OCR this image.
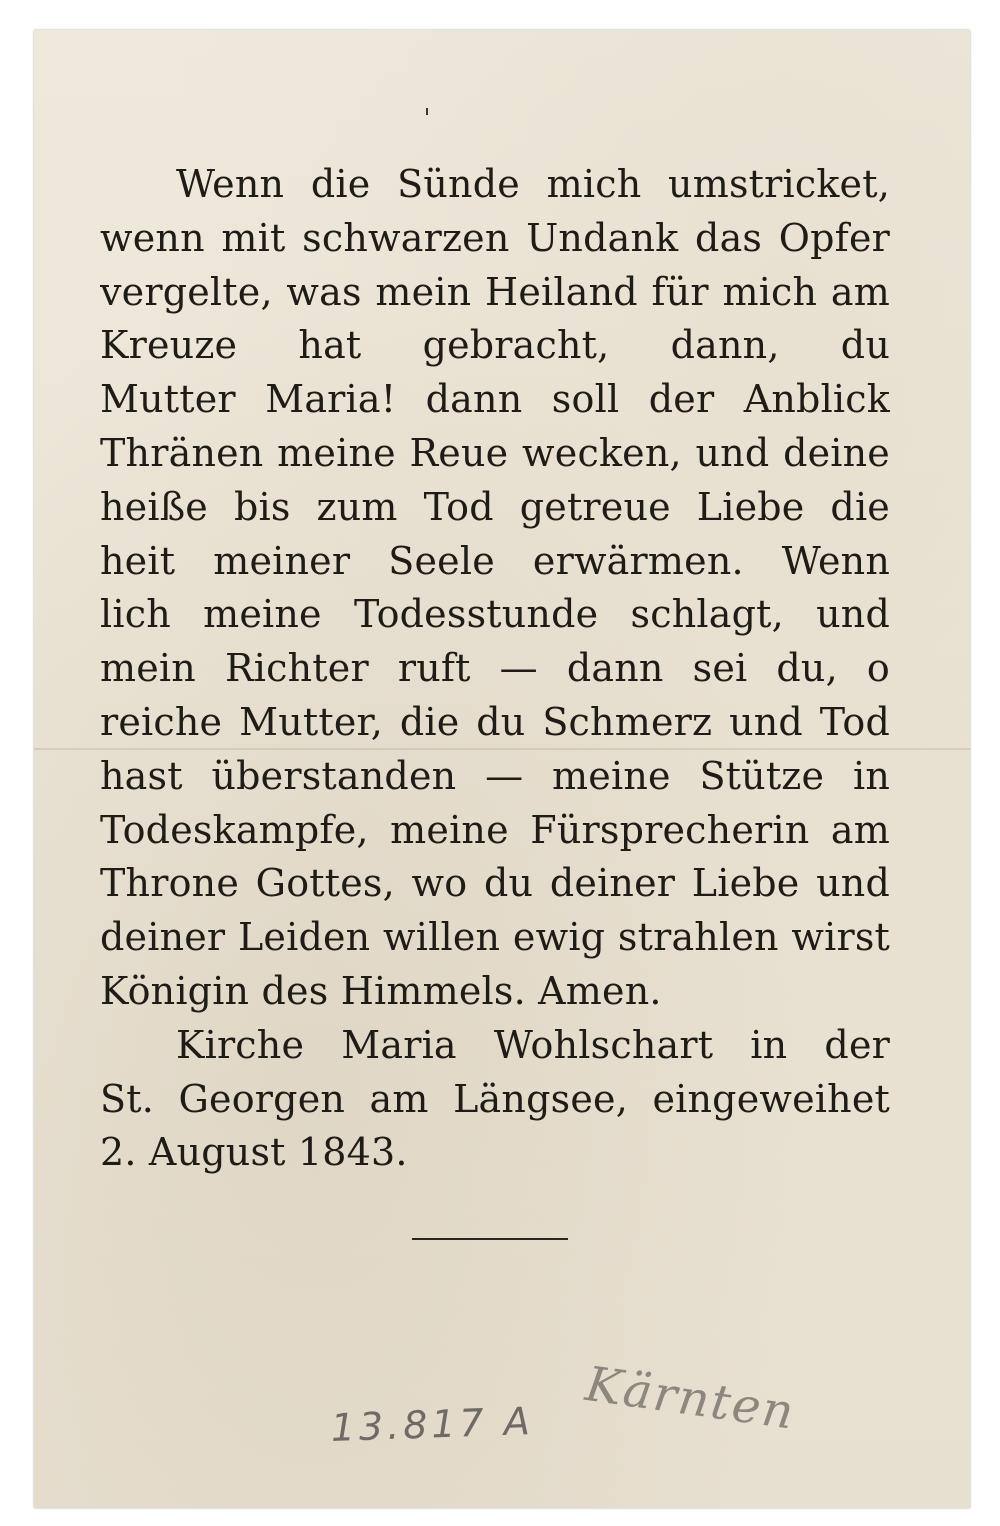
Wenn die Sünde mich umstricket,
wenn mit schwarzen Undank das Opfer
vergelte, was mein Heiland für mich am
Kreuze hat gebracht, dann, du
Mutter Maria! dann soll der Anblick
Thränen meine Reue wecken, und deine
heiße bis zum Tod getreue Liebe die
heit meiner Seele erwärmen. Wenn
lich meine Todesstunde schlagt, und
mein Richter ruft — dann sei du, o
reiche Mutter, die du Schmerz und Tod
hast überstanden — meine Stütze in
Todeskampfe, meine Fürsprecherin am
Throne Gottes, wo du deiner Liebe und
deiner Leiden willen ewig strahlen wirst
Königin des Himmels. Amen.
Kirche Maria Wohlschart in der
St. Georgen am Längsee, eingeweihet
2. August 1843.
13.817 A Kärnten
